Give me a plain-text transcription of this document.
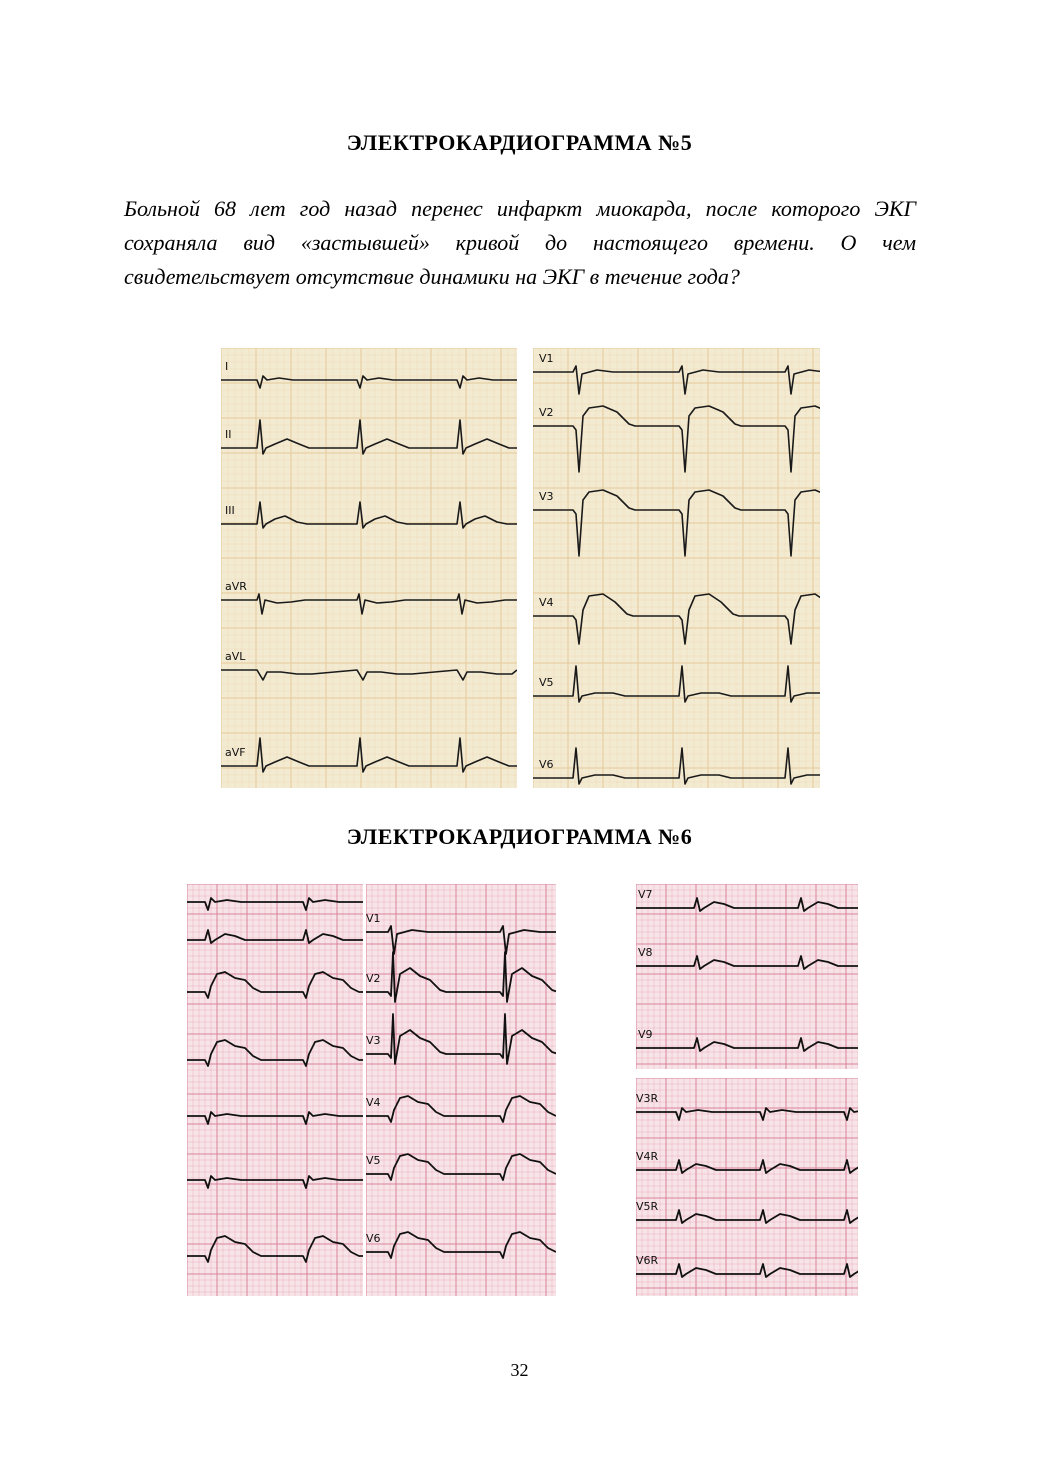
ЭЛЕКТРОКАРДИОГРАММА №5

Больной 68 лет год назад перенес инфаркт миокарда, после которого ЭКГ сохраняла вид «застывшей» кривой до настоящего времени. О чем свидетельствует отсутствие динамики на ЭКГ в течение года?

I
II
III
aVR
aVL
aVF
V1
V2
V3
V4
V5
V6
ЭЛЕКТРОКАРДИОГРАММА №6
V1
V2
V3
V4
V5
V6
V7
V8
V9
V3R
V4R
V5R
V6R
32
